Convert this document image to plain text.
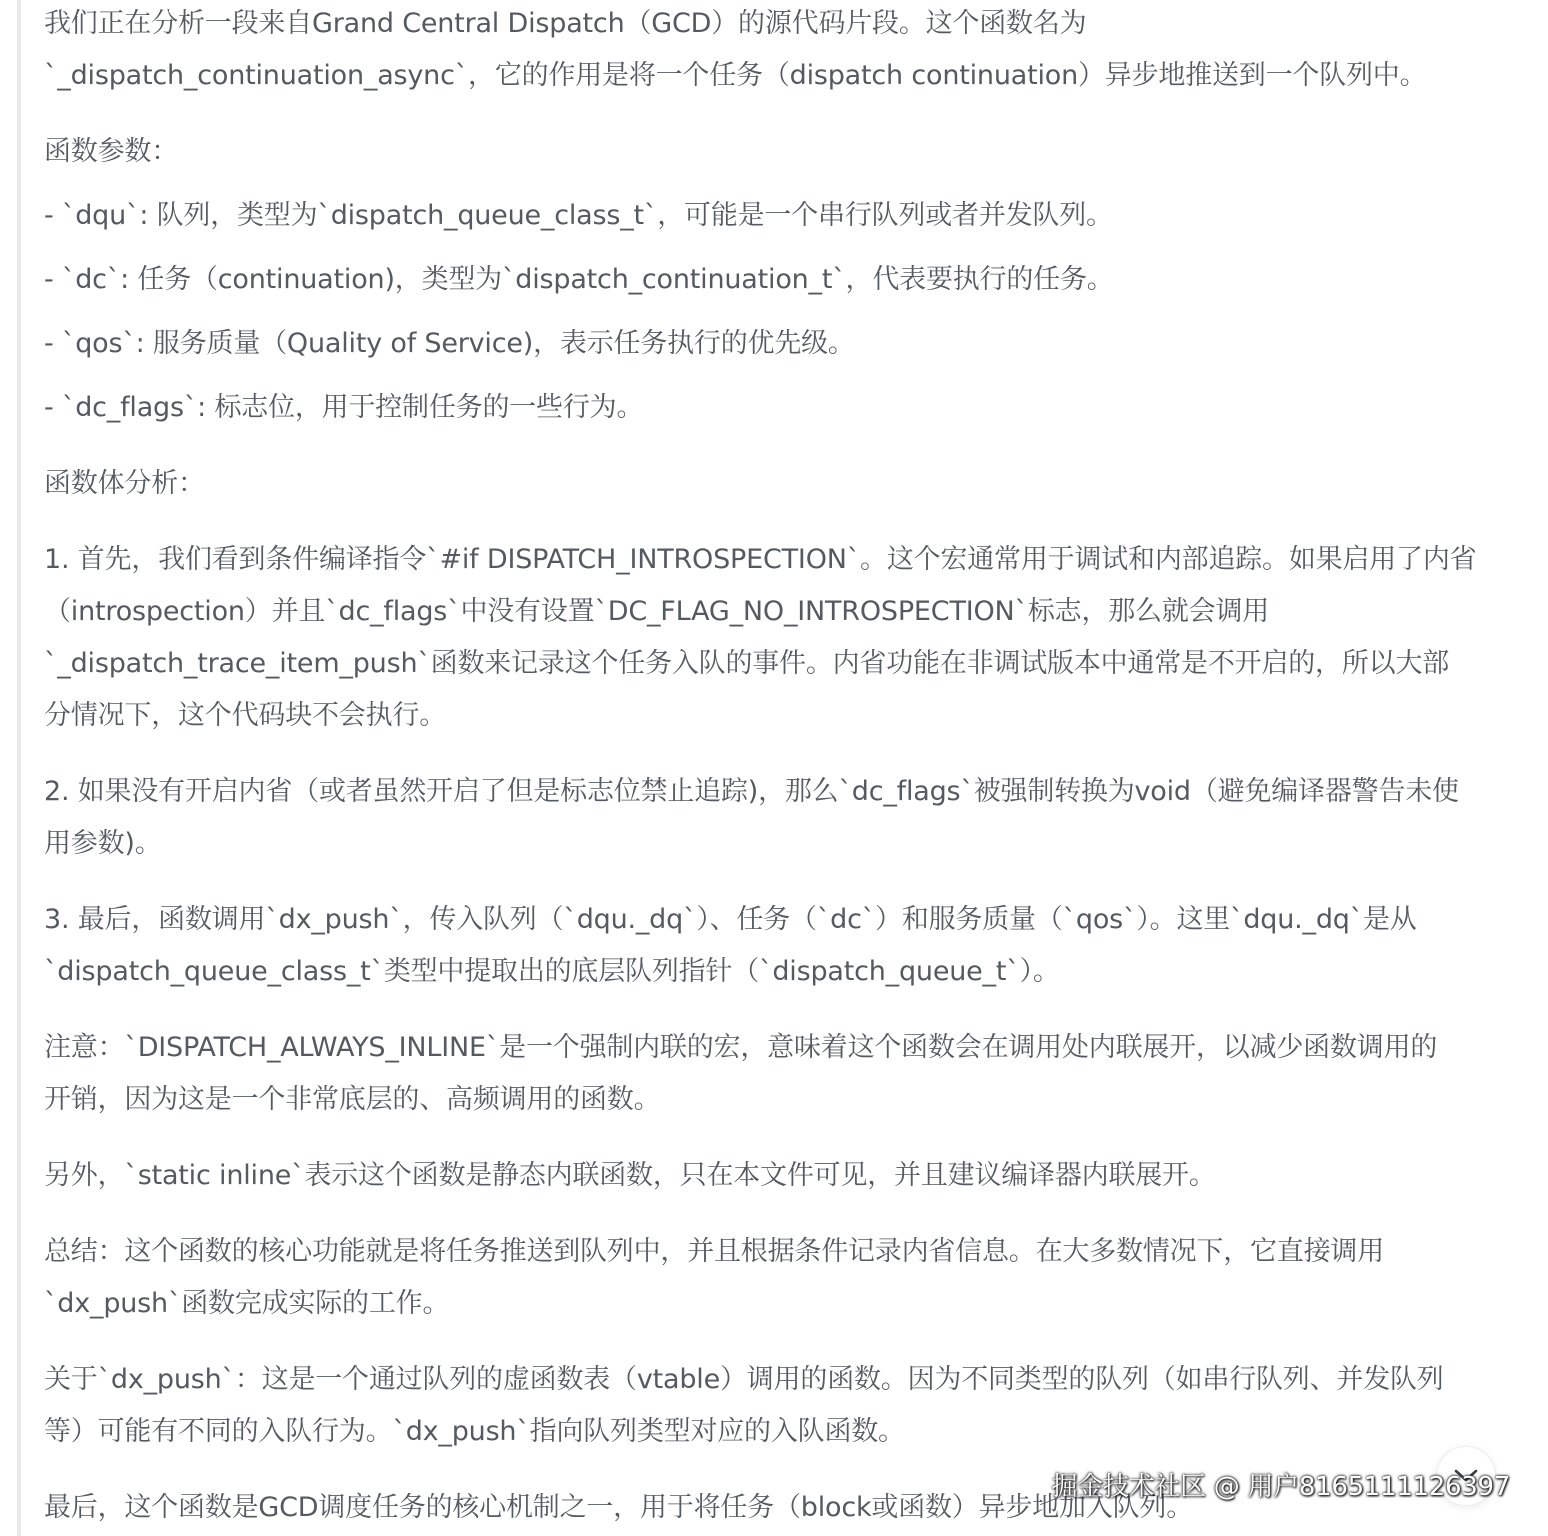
我们正在分析一段来自Grand Central Dispatch（GCD）的源代码片段。这个函数名为
`_dispatch_continuation_async`，它的作用是将一个任务（dispatch continuation）异步地推送到一个队列中。

函数参数：

- `dqu`: 队列，类型为`dispatch_queue_class_t`，可能是一个串行队列或者并发队列。

- `dc`: 任务（continuation)，类型为`dispatch_continuation_t`，代表要执行的任务。

- `qos`: 服务质量（Quality of Service)，表示任务执行的优先级。

- `dc_flags`: 标志位，用于控制任务的一些行为。

函数体分析：

1. 首先，我们看到条件编译指令`#if DISPATCH_INTROSPECTION`。这个宏通常用于调试和内部追踪。如果启用了内省
（introspection）并且`dc_flags`中没有设置`DC_FLAG_NO_INTROSPECTION`标志，那么就会调用
`_dispatch_trace_item_push`函数来记录这个任务入队的事件。内省功能在非调试版本中通常是不开启的，所以大部
分情况下，这个代码块不会执行。

2. 如果没有开启内省（或者虽然开启了但是标志位禁止追踪)，那么`dc_flags`被强制转换为void（避免编译器警告未使
用参数)。

3. 最后，函数调用`dx_push`，传入队列（`dqu._dq`）、任务（`dc`）和服务质量（`qos`）。这里`dqu._dq`是从
`dispatch_queue_class_t`类型中提取出的底层队列指针（`dispatch_queue_t`）。

注意：`DISPATCH_ALWAYS_INLINE`是一个强制内联的宏，意味着这个函数会在调用处内联展开，以减少函数调用的
开销，因为这是一个非常底层的、高频调用的函数。

另外，`static inline`表示这个函数是静态内联函数，只在本文件可见，并且建议编译器内联展开。

总结：这个函数的核心功能就是将任务推送到队列中，并且根据条件记录内省信息。在大多数情况下，它直接调用
`dx_push`函数完成实际的工作。

关于`dx_push`：这是一个通过队列的虚函数表（vtable）调用的函数。因为不同类型的队列（如串行队列、并发队列
等）可能有不同的入队行为。`dx_push`指向队列类型对应的入队函数。

最后，这个函数是GCD调度任务的核心机制之一，用于将任务（block或函数）异步地加入队列。

掘金技术社区 @ 用户8165111126397
